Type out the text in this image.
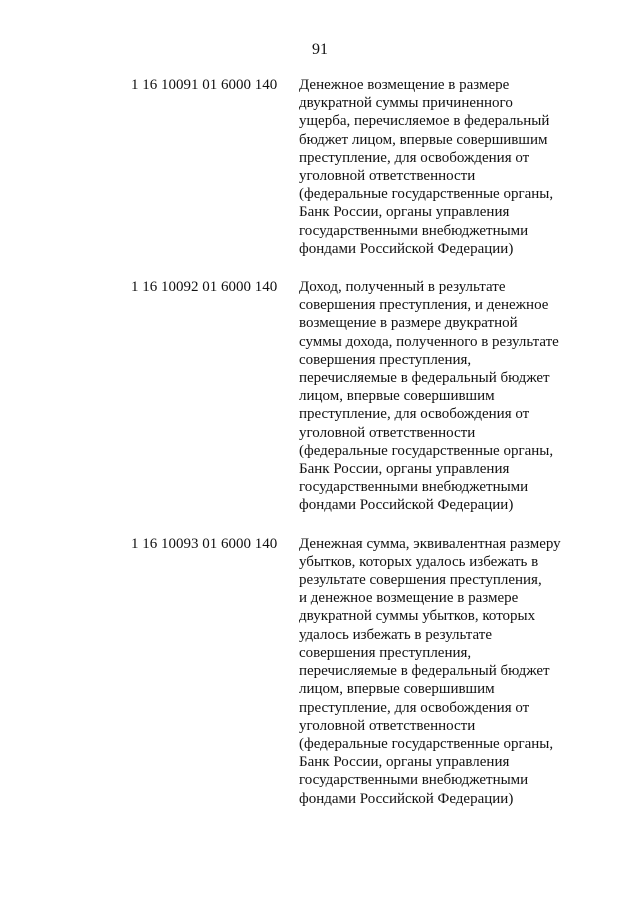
91
1 16 10091 01 6000 140	Денежное возмещение в размере
двукратной суммы причиненного
ущерба, перечисляемое в федеральный
бюджет лицом, впервые совершившим
преступление, для освобождения от
уголовной ответственности
(федеральные государственные органы,
Банк России, органы управления
государственными внебюджетными
фондами Российской Федерации)
1 16 10092 01 6000 140	Доход, полученный в результате
совершения преступления, и денежное
возмещение в размере двукратной
суммы дохода, полученного в результате
совершения преступления,
перечисляемые в федеральный бюджет
лицом, впервые совершившим
преступление, для освобождения от
уголовной ответственности
(федеральные государственные органы,
Банк России, органы управления
государственными внебюджетными
фондами Российской Федерации)
1 16 10093 01 6000 140	Денежная сумма, эквивалентная размеру
убытков, которых удалось избежать в
результате совершения преступления,
и денежное возмещение в размере
двукратной суммы убытков, которых
удалось избежать в результате
совершения преступления,
перечисляемые в федеральный бюджет
лицом, впервые совершившим
преступление, для освобождения от
уголовной ответственности
(федеральные государственные органы,
Банк России, органы управления
государственными внебюджетными
фондами Российской Федерации)
